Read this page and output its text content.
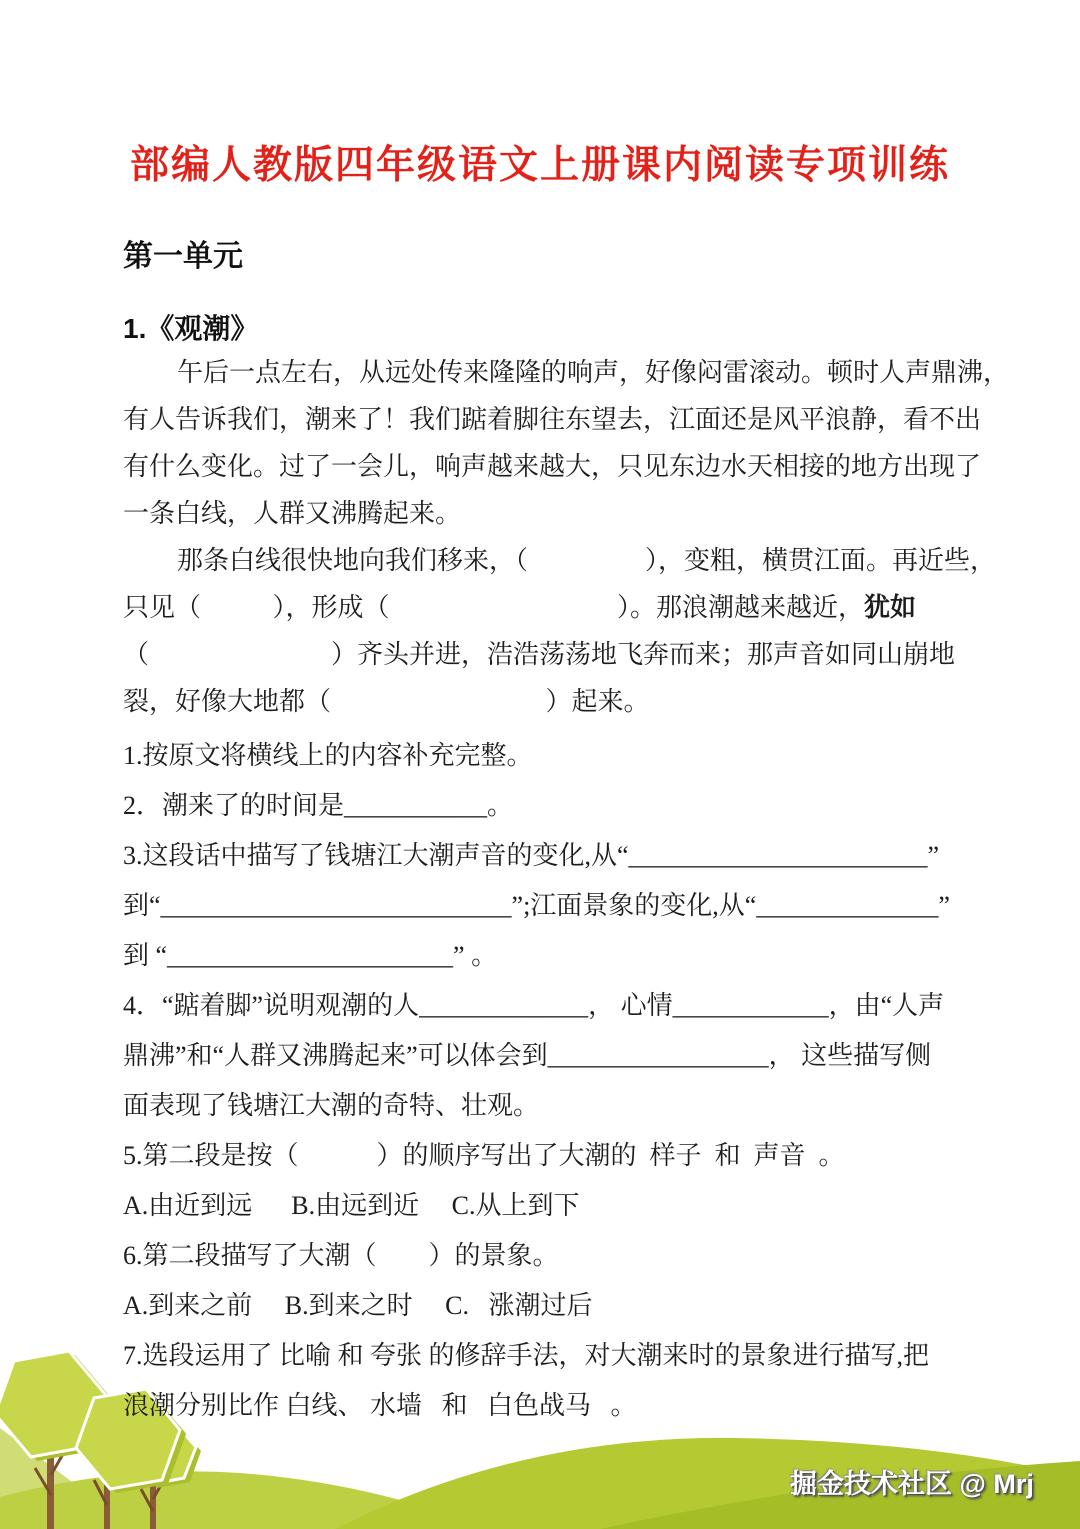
部编人教版四年级语文上册课内阅读专项训练
第一单元
1.《观潮》
午后一点左右，从远处传来隆隆的响声，好像闷雷滚动。顿时人声鼎沸，
有人告诉我们，潮来了！我们踮着脚往东望去，江面还是风平浪静，看不出
有什么变化。过了一会儿，响声越来越大，只见东边水天相接的地方出现了
一条白线，人群又沸腾起来。
那条白线很快地向我们移来，（                  ），变粗，横贯江面。再近些，
只见（           ），形成（                                   ）。那浪潮越来越近，犹如
（                            ）齐头并进，浩浩荡荡地飞奔而来；那声音如同山崩地
裂，好像大地都（                                 ）起来。
1.按原文将横线上的内容补充完整。
2．潮来了的时间是___________。
3.这段话中描写了钱塘江大潮声音的变化,从“_______________________”
到“___________________________”;江面景象的变化,从“______________”
到 “______________________” 。
4．“踮着脚”说明观潮的人_____________， 心情____________，由“人声
鼎沸”和“人群又沸腾起来”可以体会到_________________， 这些描写侧
面表现了钱塘江大潮的奇特、壮观。
5.第二段是按（            ）的顺序写出了大潮的  样子  和  声音  。
A.由近到远      B.由远到近     C.从上到下
6.第二段描写了大潮（        ）的景象。
A.到来之前     B.到来之时     C.   涨潮过后
7.选段运用了 比喻 和 夸张 的修辞手法，对大潮来时的景象进行描写,把
浪潮分别比作 白线、 水墙   和   白色战马   。
掘金技术社区 @ Mrj
